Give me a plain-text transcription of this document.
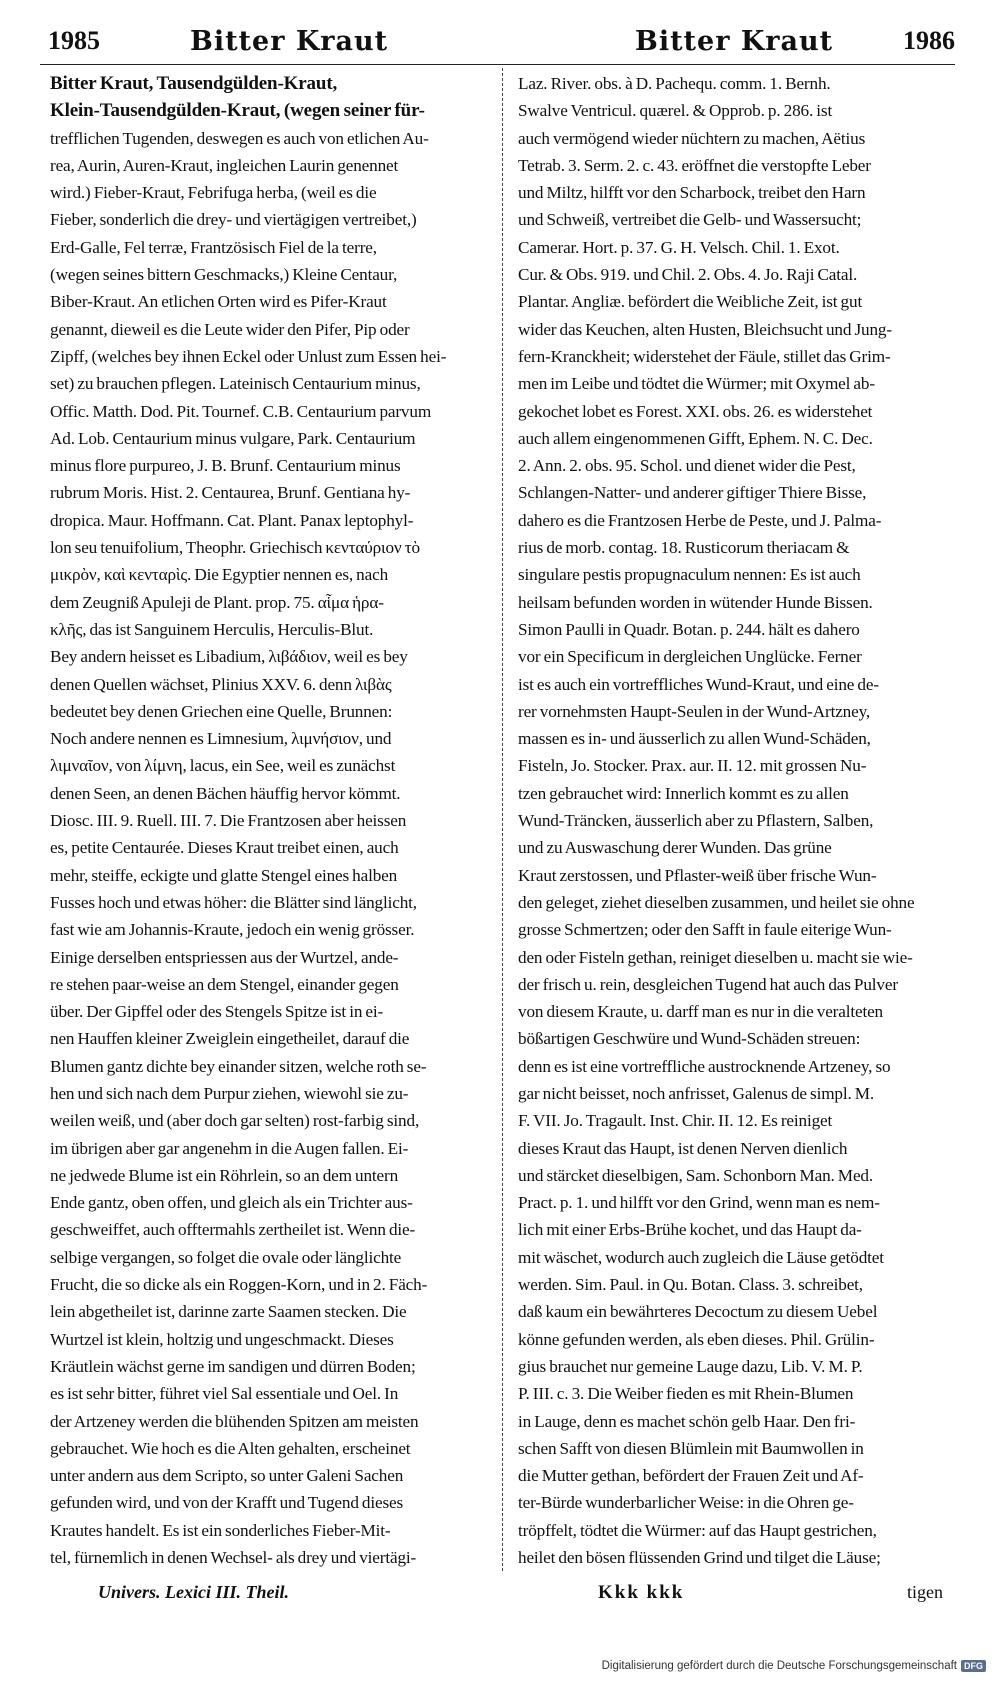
1985	Bitter Kraut	Bitter Kraut	1986

Bitter Kraut, Tausendgülden-Kraut,

Klein-Tausendgülden-Kraut, (wegen seiner für-

trefflichen Tugenden, deswegen es auch von etlichen Au-

rea, Aurin, Auren-Kraut, ingleichen Laurin genennet

wird.) Fieber-Kraut, Febrifuga herba, (weil es die

Fieber, sonderlich die drey- und viertägigen vertreibet,)

Erd-Galle, Fel terræ, Frantzösisch Fiel de la terre,

(wegen seines bittern Geschmacks,) Kleine Centaur,

Biber-Kraut. An etlichen Orten wird es Pifer-Kraut

genannt, dieweil es die Leute wider den Pifer, Pip oder

Zipff, (welches bey ihnen Eckel oder Unlust zum Essen hei-

set) zu brauchen pflegen. Lateinisch Centaurium minus,

Offic. Matth. Dod. Pit. Tournef. C.B. Centaurium parvum

Ad. Lob. Centaurium minus vulgare, Park. Centaurium

minus flore purpureo, J. B. Brunf. Centaurium minus

rubrum Moris. Hist. 2. Centaurea, Brunf. Gentiana hy-

dropica. Maur. Hoffmann. Cat. Plant. Panax leptophyl-

lon seu tenuifolium, Theophr. Griechisch κενταύριον τὸ

μικρὸν, καὶ κενταρὶς. Die Egyptier nennen es, nach

dem Zeugniß Apuleji de Plant. prop. 75. αἷμα ἡρα-

κλῆς, das ist Sanguinem Herculis, Herculis-Blut.

Bey andern heisset es Libadium, λιβάδιον, weil es bey

denen Quellen wächset, Plinius XXV. 6. denn λιβὰς

bedeutet bey denen Griechen eine Quelle, Brunnen:

Noch andere nennen es Limnesium, λιμνήσιον, und

λιμναῖον, von λίμνη, lacus, ein See, weil es zunächst

denen Seen, an denen Bächen häuffig hervor kömmt.

Diosc. III. 9. Ruell. III. 7. Die Frantzosen aber heissen

es, petite Centaurée. Dieses Kraut treibet einen, auch

mehr, steiffe, eckigte und glatte Stengel eines halben

Fusses hoch und etwas höher: die Blätter sind länglicht,

fast wie am Johannis-Kraute, jedoch ein wenig grösser.

Einige derselben entspriessen aus der Wurtzel, ande-

re stehen paar-weise an dem Stengel, einander gegen

über. Der Gipffel oder des Stengels Spitze ist in ei-

nen Hauffen kleiner Zweiglein eingetheilet, darauf die

Blumen gantz dichte bey einander sitzen, welche roth se-

hen und sich nach dem Purpur ziehen, wiewohl sie zu-

weilen weiß, und (aber doch gar selten) rost-farbig sind,

im übrigen aber gar angenehm in die Augen fallen. Ei-

ne jedwede Blume ist ein Röhrlein, so an dem untern

Ende gantz, oben offen, und gleich als ein Trichter aus-

geschweiffet, auch offtermahls zertheilet ist. Wenn die-

selbige vergangen, so folget die ovale oder länglichte

Frucht, die so dicke als ein Roggen-Korn, und in 2. Fäch-

lein abgetheilet ist, darinne zarte Saamen stecken. Die

Wurtzel ist klein, holtzig und ungeschmackt. Dieses

Kräutlein wächst gerne im sandigen und dürren Boden;

es ist sehr bitter, führet viel Sal essentiale und Oel. In

der Artzeney werden die blühenden Spitzen am meisten

gebrauchet. Wie hoch es die Alten gehalten, erscheinet

unter andern aus dem Scripto, so unter Galeni Sachen

gefunden wird, und von der Krafft und Tugend dieses

Krautes handelt. Es ist ein sonderliches Fieber-Mit-

tel, fürnemlich in denen Wechsel- als drey und viertägi-

Laz. River. obs. à D. Pachequ. comm. 1. Bernh.

Swalve Ventricul. quærel. & Opprob. p. 286. ist

auch vermögend wieder nüchtern zu machen, Aëtius

Tetrab. 3. Serm. 2. c. 43. eröffnet die verstopfte Leber

und Miltz, hilfft vor den Scharbock, treibet den Harn

und Schweiß, vertreibet die Gelb- und Wassersucht;

Camerar. Hort. p. 37. G. H. Velsch. Chil. 1. Exot.

Cur. & Obs. 919. und Chil. 2. Obs. 4. Jo. Raji Catal.

Plantar. Angliæ. befördert die Weibliche Zeit, ist gut

wider das Keuchen, alten Husten, Bleichsucht und Jung-

fern-Kranckheit; widerstehet der Fäule, stillet das Grim-

men im Leibe und tödtet die Würmer; mit Oxymel ab-

gekochet lobet es Forest. XXI. obs. 26. es widerstehet

auch allem eingenommenen Gifft, Ephem. N. C. Dec.

2. Ann. 2. obs. 95. Schol. und dienet wider die Pest,

Schlangen-Natter- und anderer giftiger Thiere Bisse,

dahero es die Frantzosen Herbe de Peste, und J. Palma-

rius de morb. contag. 18. Rusticorum theriacam &

singulare pestis propugnaculum nennen: Es ist auch

heilsam befunden worden in wütender Hunde Bissen.

Simon Paulli in Quadr. Botan. p. 244. hält es dahero

vor ein Specificum in dergleichen Unglücke. Ferner

ist es auch ein vortreffliches Wund-Kraut, und eine de-

rer vornehmsten Haupt-Seulen in der Wund-Artzney,

massen es in- und äusserlich zu allen Wund-Schäden,

Fisteln, Jo. Stocker. Prax. aur. II. 12. mit grossen Nu-

tzen gebrauchet wird: Innerlich kommt es zu allen

Wund-Träncken, äusserlich aber zu Pflastern, Salben,

und zu Auswaschung derer Wunden. Das grüne

Kraut zerstossen, und Pflaster-weiß über frische Wun-

den geleget, ziehet dieselben zusammen, und heilet sie ohne

grosse Schmertzen; oder den Safft in faule eiterige Wun-

den oder Fisteln gethan, reiniget dieselben u. macht sie wie-

der frisch u. rein, desgleichen Tugend hat auch das Pulver

von diesem Kraute, u. darff man es nur in die veralteten

bößartigen Geschwüre und Wund-Schäden streuen:

denn es ist eine vortreffliche austrocknende Artzeney, so

gar nicht beisset, noch anfrisset, Galenus de simpl. M.

F. VII. Jo. Tragault. Inst. Chir. II. 12. Es reiniget

dieses Kraut das Haupt, ist denen Nerven dienlich

und stärcket dieselbigen, Sam. Schonborn Man. Med.

Pract. p. 1. und hilfft vor den Grind, wenn man es nem-

lich mit einer Erbs-Brühe kochet, und das Haupt da-

mit wäschet, wodurch auch zugleich die Läuse getödtet

werden. Sim. Paul. in Qu. Botan. Class. 3. schreibet,

daß kaum ein bewährteres Decoctum zu diesem Uebel

könne gefunden werden, als eben dieses. Phil. Grülin-

gius brauchet nur gemeine Lauge dazu, Lib. V. M. P.

P. III. c. 3. Die Weiber fieden es mit Rhein-Blumen

in Lauge, denn es machet schön gelb Haar. Den fri-

schen Safft von diesen Blümlein mit Baumwollen in

die Mutter gethan, befördert der Frauen Zeit und Af-

ter-Bürde wunderbarlicher Weise: in die Ohren ge-

tröpffelt, tödtet die Würmer: auf das Haupt gestrichen,

heilet den bösen flüssenden Grind und tilget die Läuse;

Univers. Lexici III. Theil.	Kkk kkk	tigen
Digitalisierung gefördert durch die Deutsche Forschungsgemeinschaft DFG
